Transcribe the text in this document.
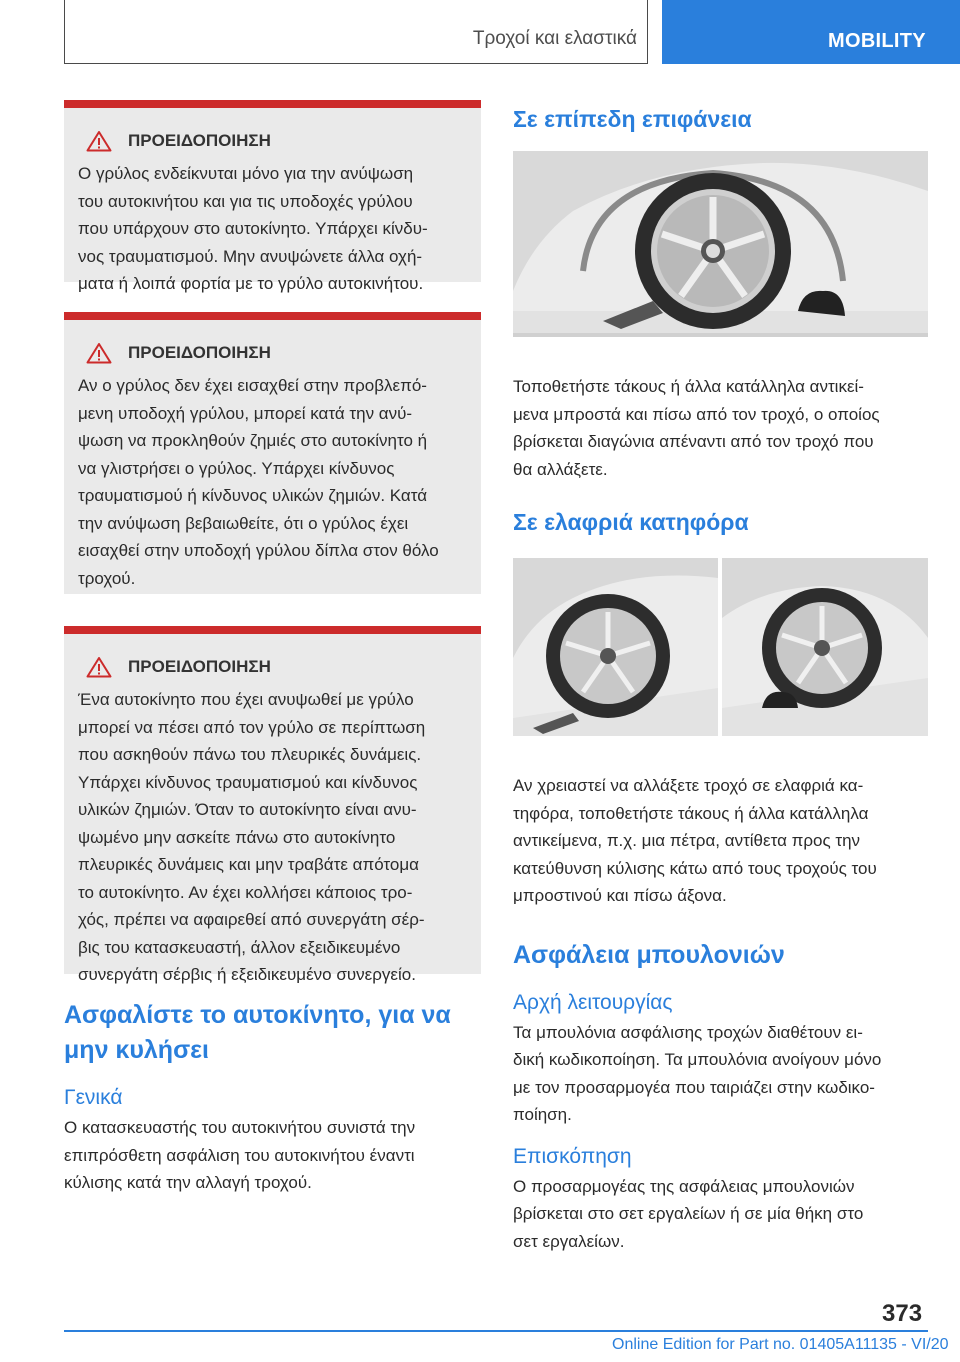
Τροχοί και ελαστικά	MOBILITY
ΠΡΟΕΙΔΟΠΟΙΗΣΗ
Ο γρύλος ενδείκνυται μόνο για την ανύψωση
του αυτοκινήτου και για τις υποδοχές γρύλου
που υπάρχουν στο αυτοκίνητο. Υπάρχει κίνδυ-
νος τραυματισμού. Μην ανυψώνετε άλλα οχή-
ματα ή λοιπά φορτία με το γρύλο αυτοκινήτου.
ΠΡΟΕΙΔΟΠΟΙΗΣΗ
Αν ο γρύλος δεν έχει εισαχθεί στην προβλεπό-
μενη υποδοχή γρύλου, μπορεί κατά την ανύ-
ψωση να προκληθούν ζημιές στο αυτοκίνητο ή
να γλιστρήσει ο γρύλος. Υπάρχει κίνδυνος
τραυματισμού ή κίνδυνος υλικών ζημιών. Κατά
την ανύψωση βεβαιωθείτε, ότι ο γρύλος έχει
εισαχθεί στην υποδοχή γρύλου δίπλα στον θόλο
τροχού.
ΠΡΟΕΙΔΟΠΟΙΗΣΗ
Ένα αυτοκίνητο που έχει ανυψωθεί με γρύλο
μπορεί να πέσει από τον γρύλο σε περίπτωση
που ασκηθούν πάνω του πλευρικές δυνάμεις.
Υπάρχει κίνδυνος τραυματισμού και κίνδυνος
υλικών ζημιών. Όταν το αυτοκίνητο είναι ανυ-
ψωμένο μην ασκείτε πάνω στο αυτοκίνητο
πλευρικές δυνάμεις και μην τραβάτε απότομα
το αυτοκίνητο. Αν έχει κολλήσει κάποιος τρο-
χός, πρέπει να αφαιρεθεί από συνεργάτη σέρ-
βις του κατασκευαστή, άλλον εξειδικευμένο
συνεργάτη σέρβις ή εξειδικευμένο συνεργείο.
Ασφαλίστε το αυτοκίνητο, για να
μην κυλήσει
Γενικά
Ο κατασκευαστής του αυτοκινήτου συνιστά την
επιπρόσθετη ασφάλιση του αυτοκινήτου έναντι
κύλισης κατά την αλλαγή τροχού.
Σε επίπεδη επιφάνεια
Τοποθετήστε τάκους ή άλλα κατάλληλα αντικεί-
μενα μπροστά και πίσω από τον τροχό, ο οποίος
βρίσκεται διαγώνια απέναντι από τον τροχό που
θα αλλάξετε.
Σε ελαφριά κατηφόρα
Αν χρειαστεί να αλλάξετε τροχό σε ελαφριά κα-
τηφόρα, τοποθετήστε τάκους ή άλλα κατάλληλα
αντικείμενα, π.χ. μια πέτρα, αντίθετα προς την
κατεύθυνση κύλισης κάτω από τους τροχούς του
μπροστινού και πίσω άξονα.
Ασφάλεια μπουλονιών
Αρχή λειτουργίας
Τα μπουλόνια ασφάλισης τροχών διαθέτουν ει-
δική κωδικοποίηση. Τα μπουλόνια ανοίγουν μόνο
με τον προσαρμογέα που ταιριάζει στην κωδικο-
ποίηση.
Επισκόπηση
Ο προσαρμογέας της ασφάλειας μπουλονιών
βρίσκεται στο σετ εργαλείων ή σε μία θήκη στο
σετ εργαλείων.
373
Online Edition for Part no. 01405A11135 - VI/20
